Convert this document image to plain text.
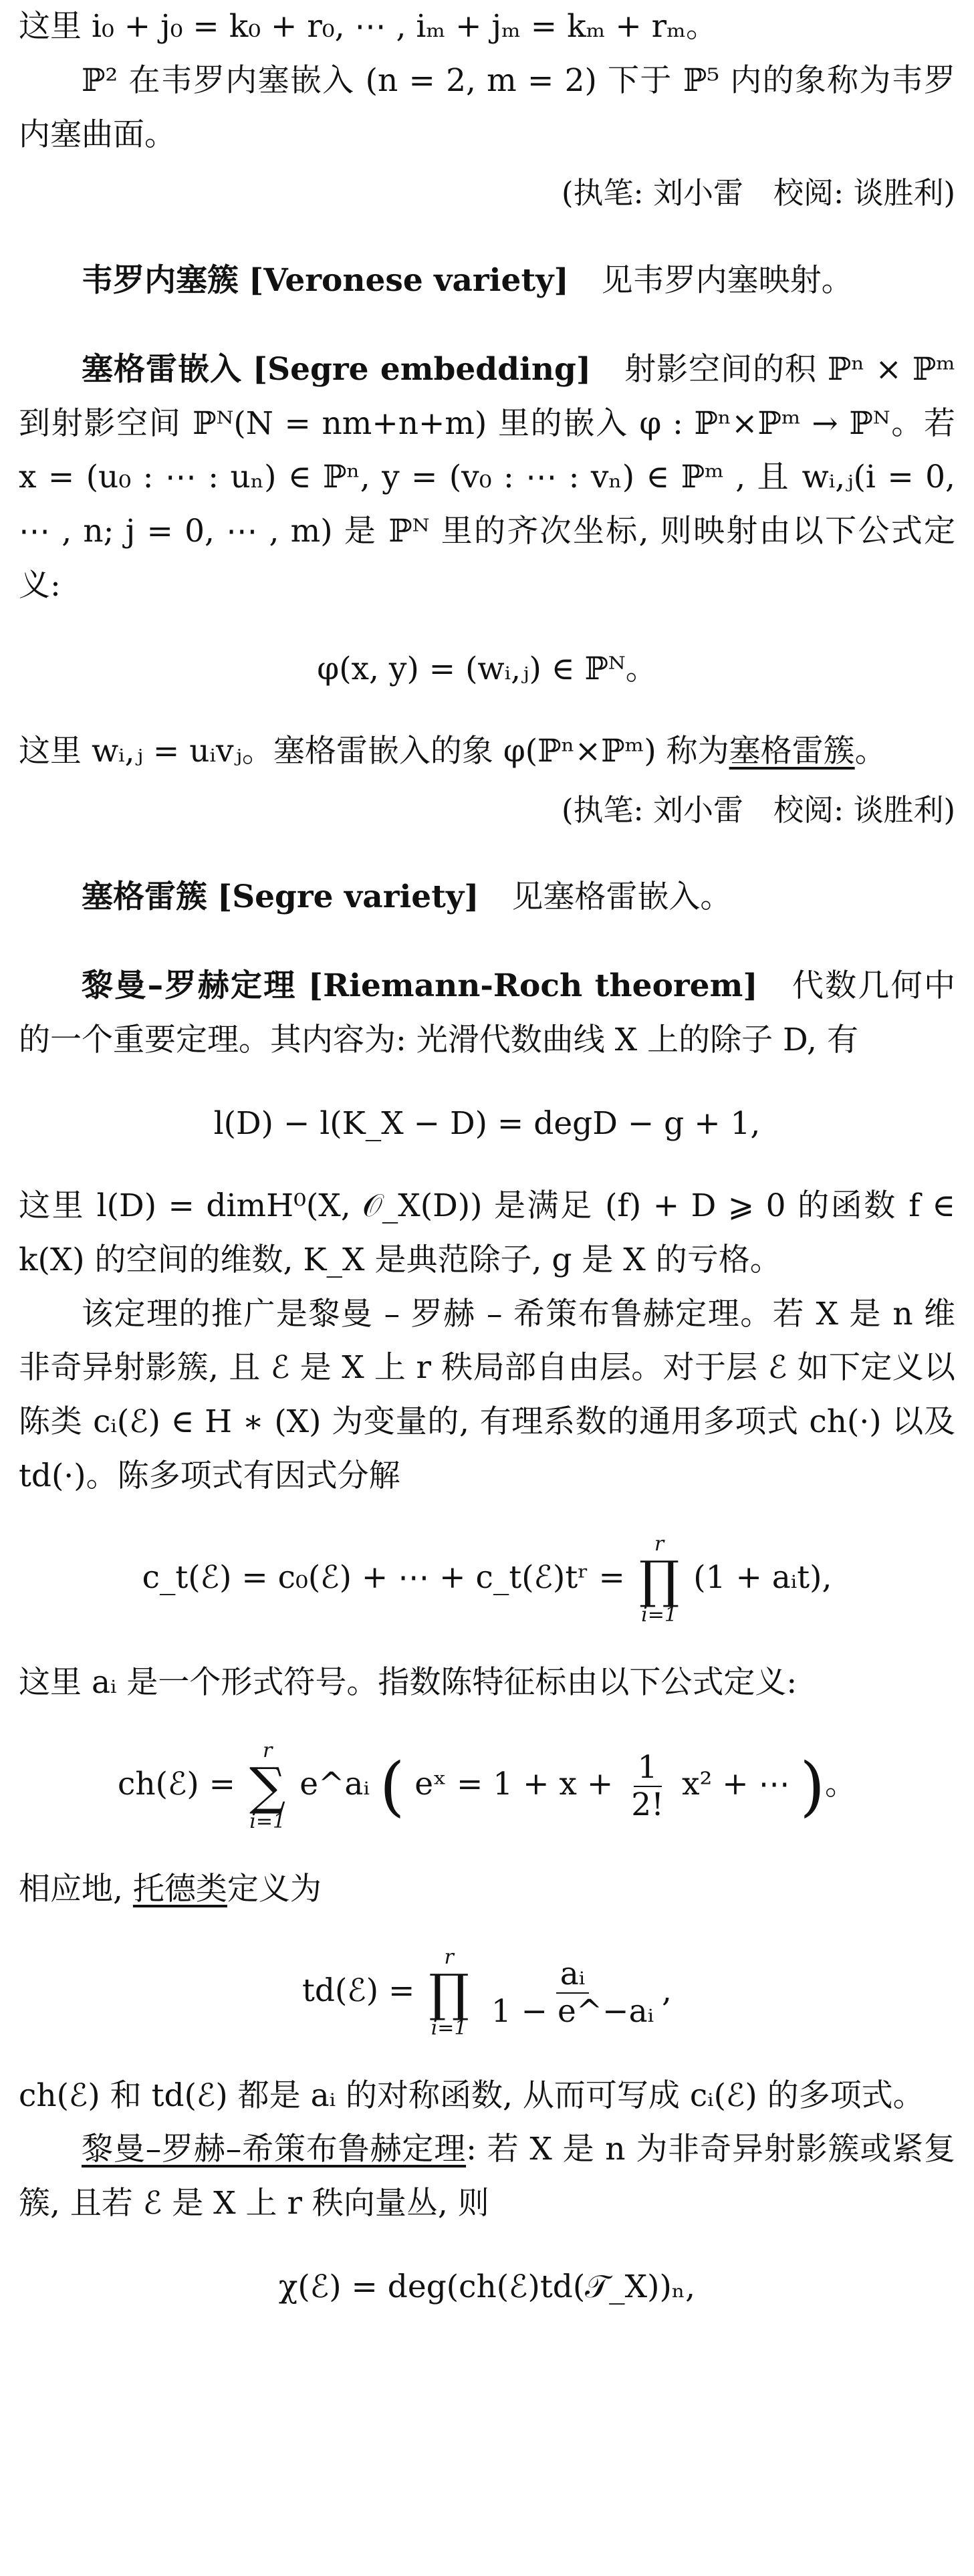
这里 i₀ + j₀ = k₀ + r₀, ⋯ , iₘ + jₘ = kₘ + rₘ。

ℙ² 在韦罗内塞嵌入 (n = 2, m = 2) 下于 ℙ⁵ 内的象称为韦罗内塞曲面。

(执笔: 刘小雷　校阅: 谈胜利)

韦罗内塞簇 [Veronese variety] 见韦罗内塞映射。

塞格雷嵌入 [Segre embedding] 射影空间的积 ℙⁿ × ℙᵐ 到射影空间 ℙᴺ(N = nm+n+m) 里的嵌入 φ : ℙⁿ×ℙᵐ → ℙᴺ。若 x = (u₀ : ⋯ : uₙ) ∈ ℙⁿ, y = (v₀ : ⋯ : vₙ) ∈ ℙᵐ , 且 wᵢ,ⱼ(i = 0, ⋯ , n; j = 0, ⋯ , m) 是 ℙᴺ 里的齐次坐标, 则映射由以下公式定义:

φ(x, y) = (wᵢ,ⱼ) ∈ ℙᴺ。

这里 wᵢ,ⱼ = uᵢvⱼ。塞格雷嵌入的象 φ(ℙⁿ×ℙᵐ) 称为塞格雷簇。

(执笔: 刘小雷　校阅: 谈胜利)

塞格雷簇 [Segre variety] 见塞格雷嵌入。

黎曼–罗赫定理 [Riemann-Roch theorem] 代数几何中的一个重要定理。其内容为: 光滑代数曲线 X 上的除子 D, 有

l(D) − l(K_X − D) = degD − g + 1,

这里 l(D) = dimH⁰(X, 𝒪_X(D)) 是满足 (f) + D ⩾ 0 的函数 f ∈ k(X) 的空间的维数, K_X 是典范除子, g 是 X 的亏格。

该定理的推广是黎曼 – 罗赫 – 希策布鲁赫定理。若 X 是 n 维非奇异射影簇, 且 ℰ 是 X 上 r 秩局部自由层。对于层 ℰ 如下定义以陈类 cᵢ(ℰ) ∈ H ∗ (X) 为变量的, 有理系数的通用多项式 ch(·) 以及 td(·)。陈多项式有因式分解

c_t(ℰ) = c₀(ℰ) + ⋯ + c_t(ℰ)tʳ =
r
∏
i=1
(1 + aᵢt),

这里 aᵢ 是一个形式符号。指数陈特征标由以下公式定义:

ch(ℰ) =
r
∑
i=1
e^aᵢ ( eˣ = $1 + x + \frac{1}{2!} x^2$ + ⋯ )。

相应地, 托德类定义为

td(ℰ) =
r
∏
i=1
$\frac{\text{aᵢ}}{\text{1 − e\textasciicircum{}−aᵢ}}$ ,

ch(ℰ) 和 td(ℰ) 都是 aᵢ 的对称函数, 从而可写成 cᵢ(ℰ) 的多项式。

黎曼–罗赫–希策布鲁赫定理: 若 X 是 n 为非奇异射影簇或紧复簇, 且若 ℰ 是 X 上 r 秩向量丛, 则

χ(ℰ) = deg(ch(ℰ)td(𝒯_X))ₙ,
